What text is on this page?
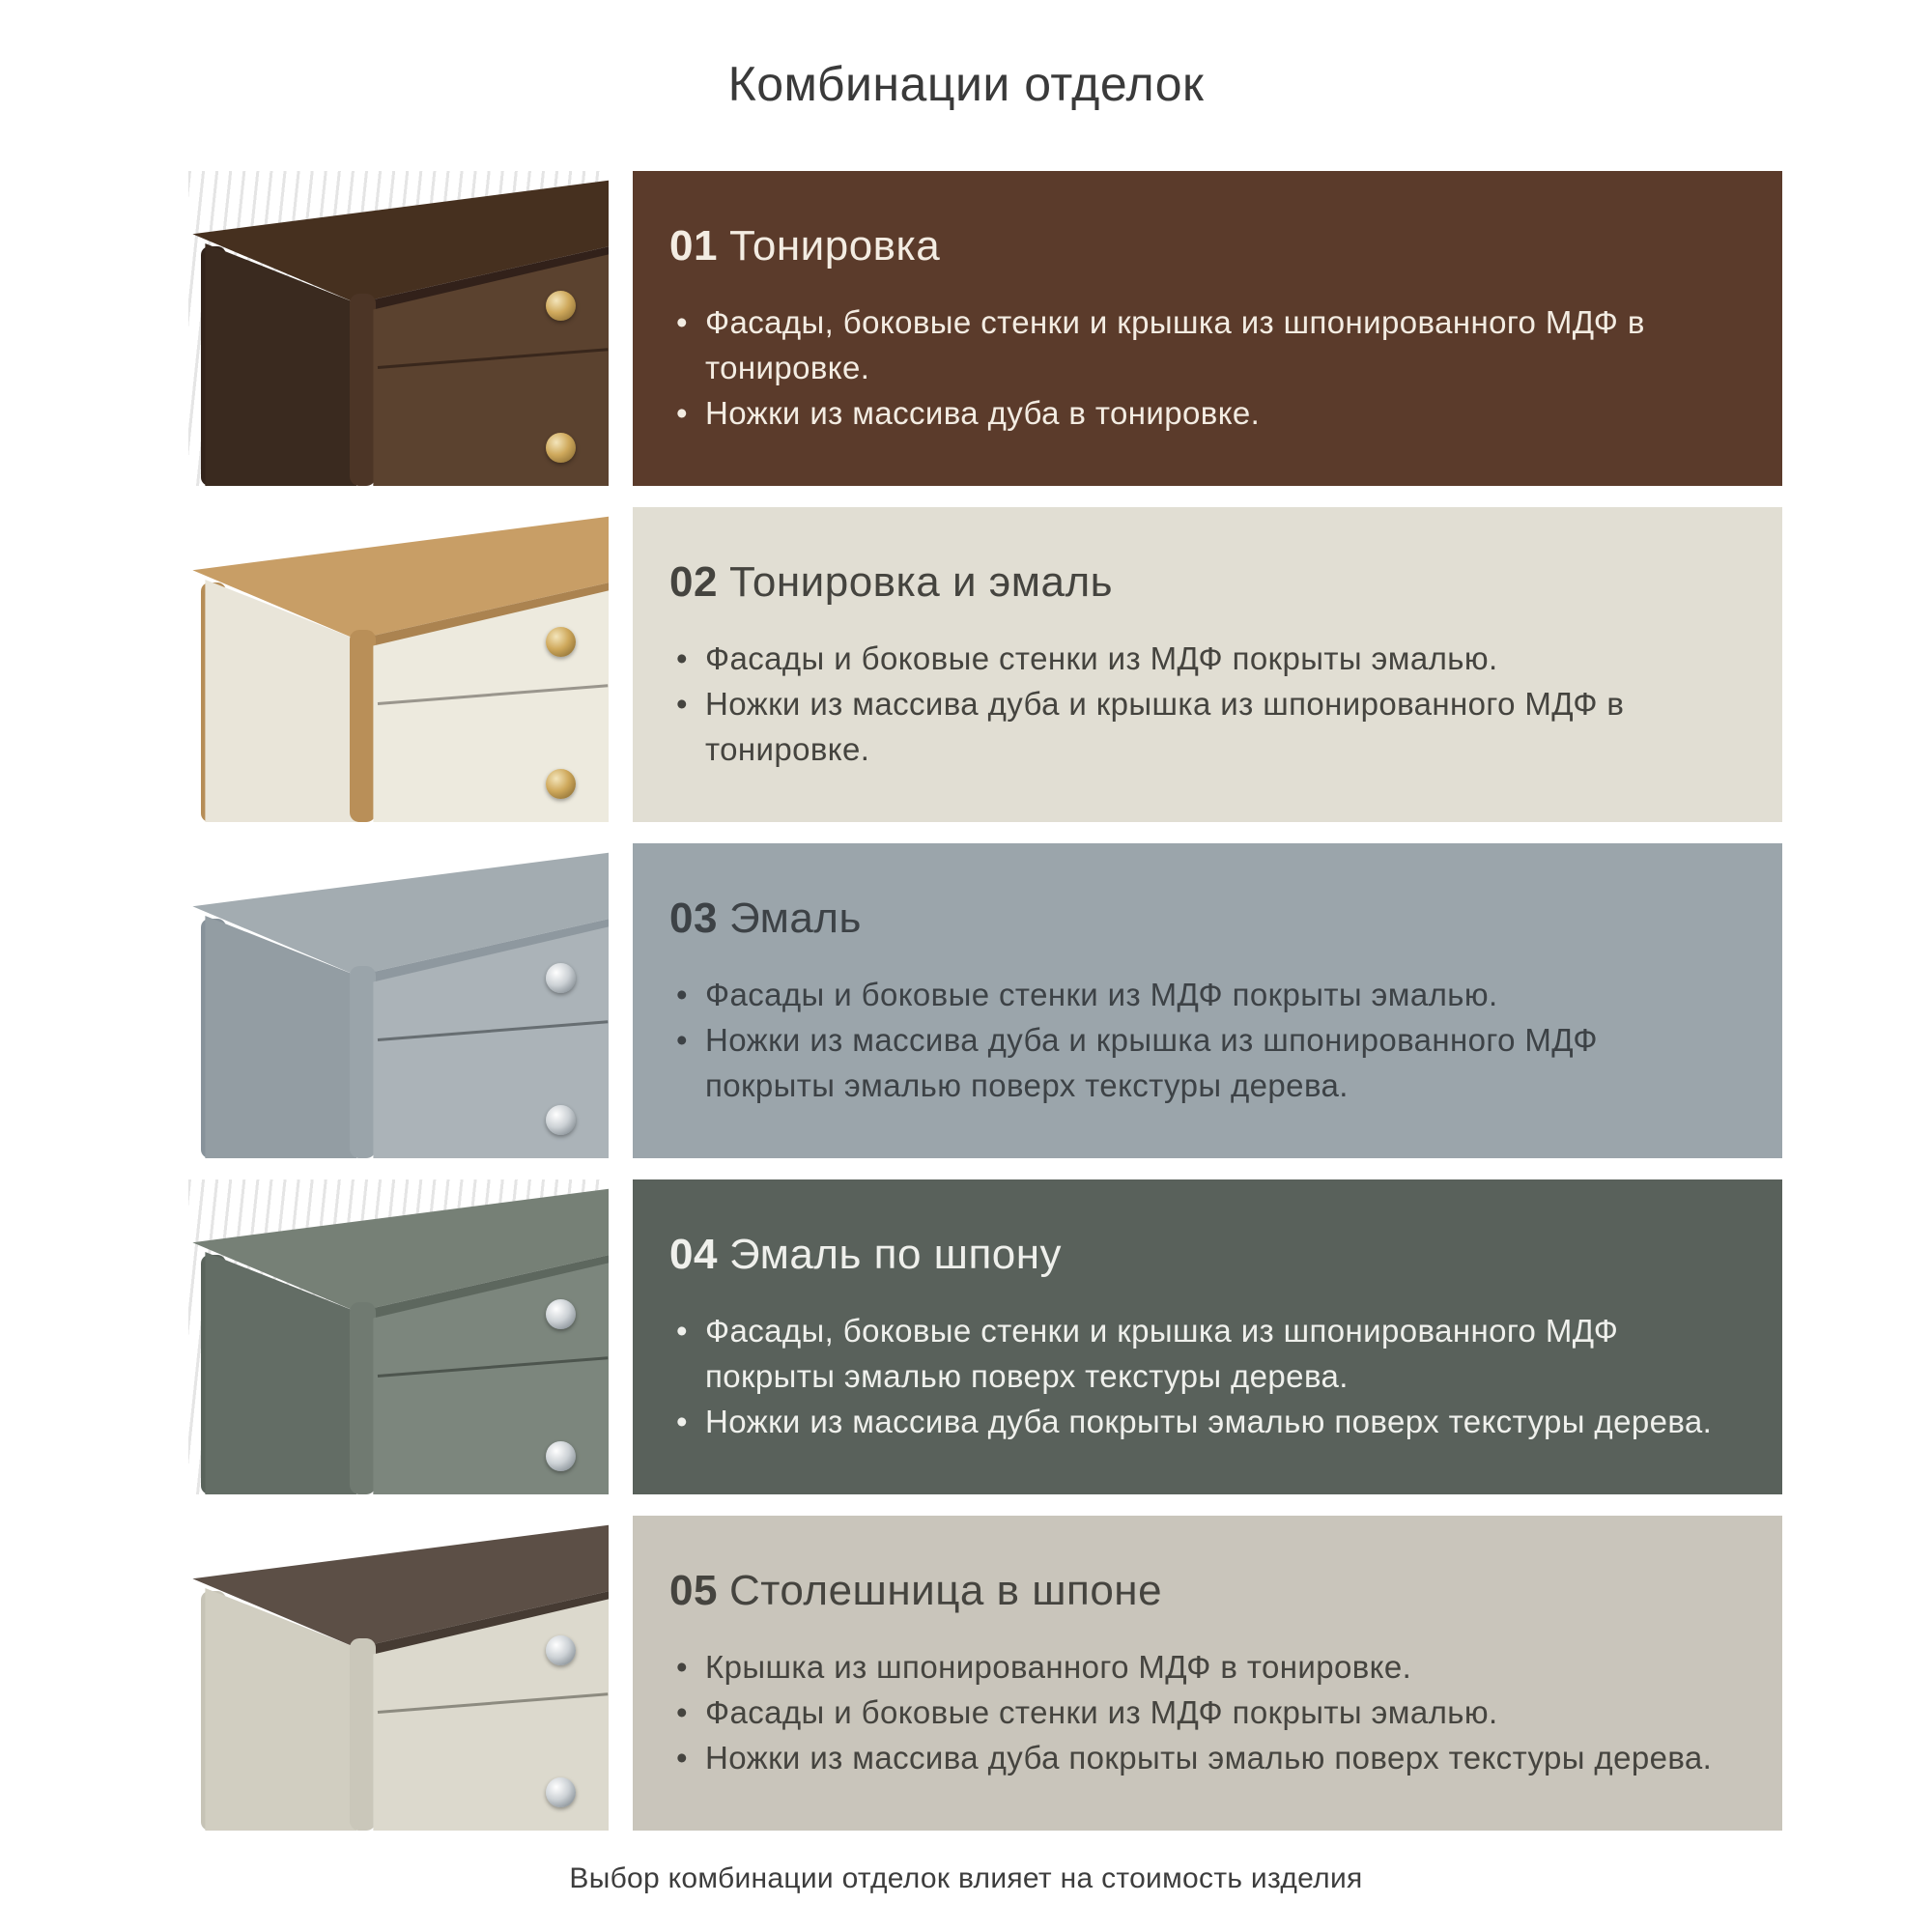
Комбинации отделок
01 Тонировка
• Фасады, боковые стенки и крышка из шпонированного МДФ в тонировке.
• Ножки из массива дуба в тонировке.
02 Тонировка и эмаль
• Фасады и боковые стенки из МДФ покрыты эмалью.
• Ножки из массива дуба и крышка из шпонированного МДФ в тонировке.
03 Эмаль
• Фасады и боковые стенки из МДФ покрыты эмалью.
• Ножки из массива дуба и крышка из шпонированного МДФ покрыты эмалью поверх текстуры дерева.
04 Эмаль по шпону
• Фасады, боковые стенки и крышка из шпонированного МДФ покрыты эмалью поверх текстуры дерева.
• Ножки из массива дуба покрыты эмалью поверх текстуры дерева.
05 Столешница в шпоне
• Крышка из шпонированного МДФ в тонировке.
• Фасады и боковые стенки из МДФ покрыты эмалью.
• Ножки из массива дуба покрыты эмалью поверх текстуры дерева.
Выбор комбинации отделок влияет на стоимость изделия
